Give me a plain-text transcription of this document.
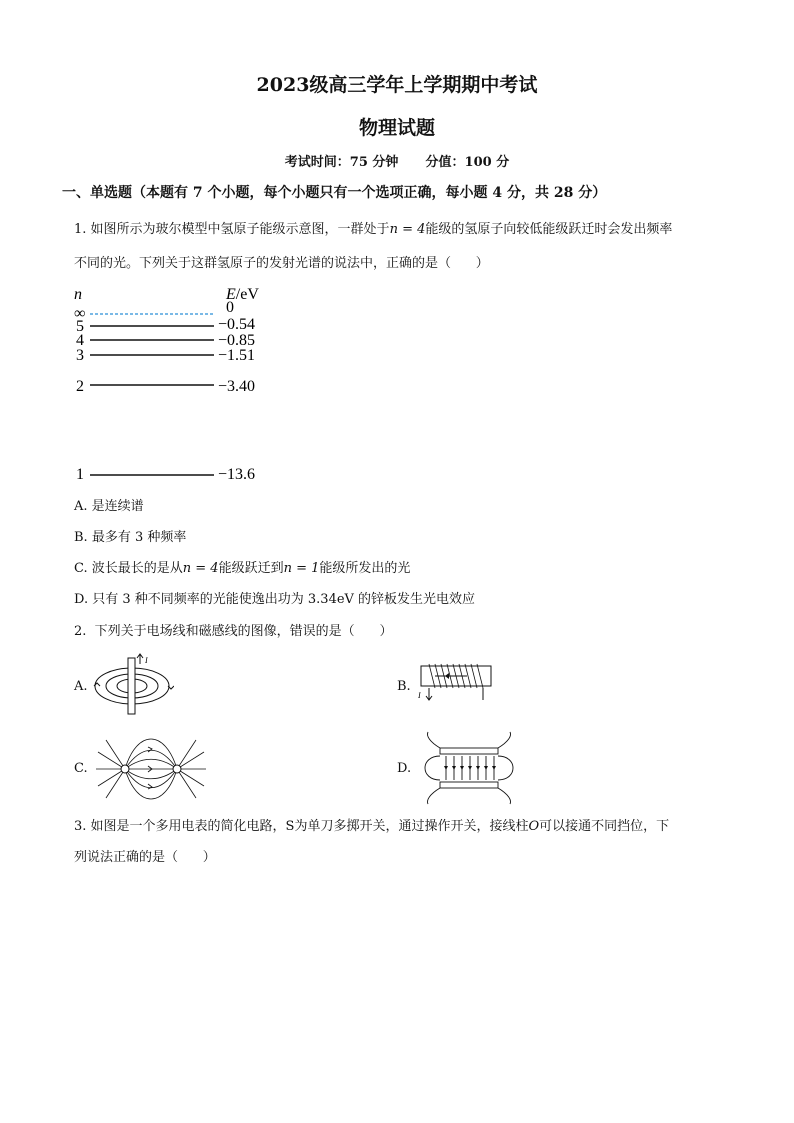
2023级高三学年上学期期中考试
物理试题
考试时间：75 分钟      分值：100 分
一、单选题（本题有 7 个小题，每个小题只有一个选项正确，每小题 4 分，共 28 分）
1. 如图所示为玻尔模型中氢原子能级示意图，一群处于n = 4能级的氢原子向较低能级跃迁时会发出频率
不同的光。下列关于这群氢原子的发射光谱的说法中，正确的是（      ）
n	E/eV
∞	0
5	−0.54
4	−0.85
3	−1.51
2	−3.40
1	−13.6
A. 是连续谱
B. 最多有 3 种频率
C. 波长最长的是从n = 4能级跃迁到n = 1能级所发出的光
D. 只有 3 种不同频率的光能使逸出功为 3.34eV 的锌板发生光电效应
2.  下列关于电场线和磁感线的图像，错误的是（      ）
A.
I
B.
I
C.	D.
3. 如图是一个多用电表的简化电路，S为单刀多掷开关，通过操作开关，接线柱O可以接通不同挡位，下
列说法正确的是（      ）
